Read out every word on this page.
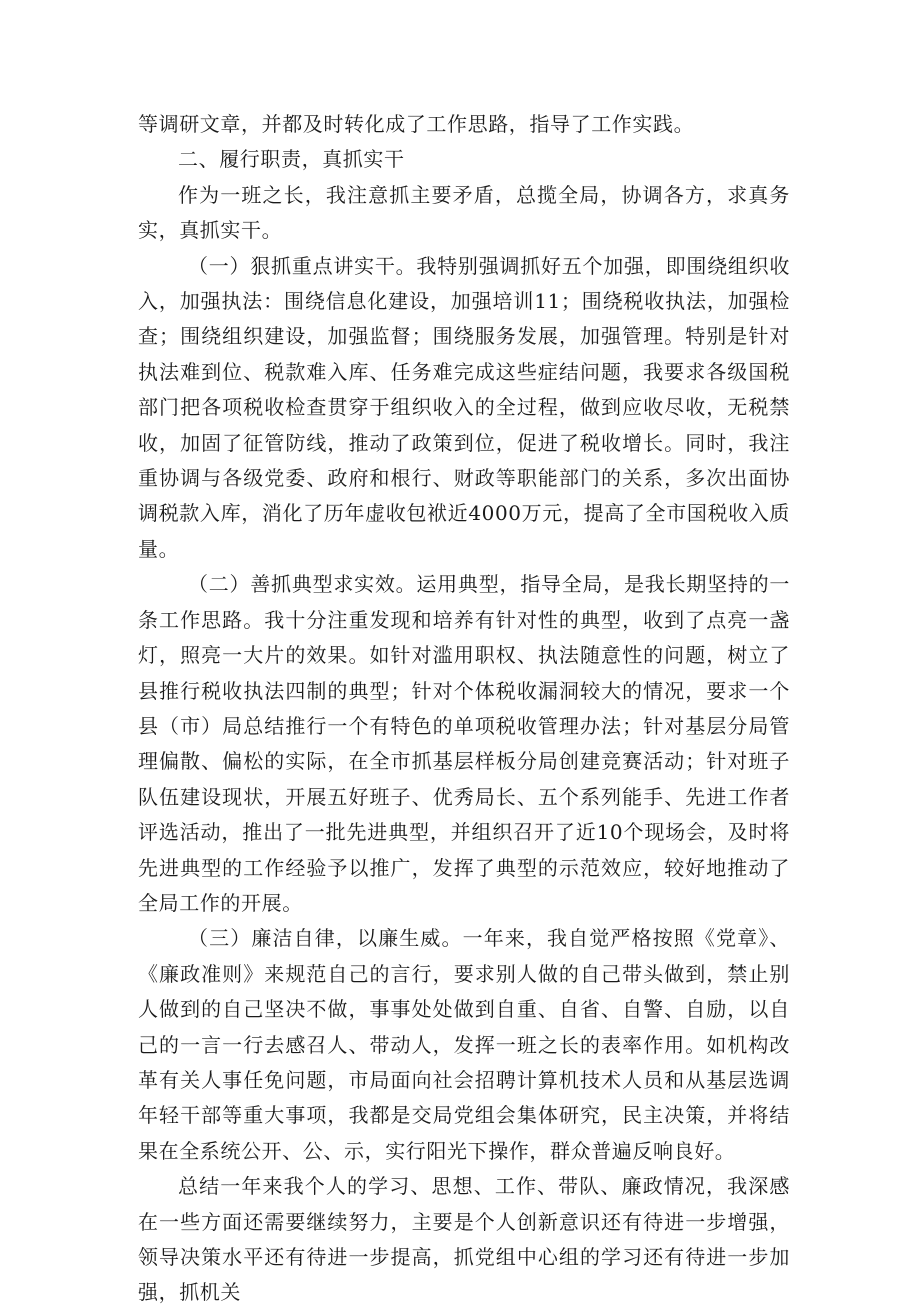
等调研文章，并都及时转化成了工作思路，指导了工作实践。

二、履行职责，真抓实干

作为一班之长，我注意抓主要矛盾，总揽全局，协调各方，求真务实，真抓实干。

（一）狠抓重点讲实干。我特别强调抓好五个加强，即围绕组织收入，加强执法：围绕信息化建设，加强培训11；围绕税收执法，加强检查；围绕组织建设，加强监督；围绕服务发展，加强管理。特别是针对执法难到位、税款难入库、任务难完成这些症结问题，我要求各级国税部门把各项税收检查贯穿于组织收入的全过程，做到应收尽收，无税禁收，加固了征管防线，推动了政策到位，促进了税收增长。同时，我注重协调与各级党委、政府和根行、财政等职能部门的关系，多次出面协调税款入库，消化了历年虚收包袱近4000万元，提高了全市国税收入质量。

（二）善抓典型求实效。运用典型，指导全局，是我长期坚持的一条工作思路。我十分注重发现和培养有针对性的典型，收到了点亮一盏灯，照亮一大片的效果。如针对滥用职权、执法随意性的问题，树立了县推行税收执法四制的典型；针对个体税收漏洞较大的情况，要求一个县（市）局总结推行一个有特色的单项税收管理办法；针对基层分局管理偏散、偏松的实际，在全市抓基层样板分局创建竞赛活动；针对班子队伍建设现状，开展五好班子、优秀局长、五个系列能手、先进工作者评选活动，推出了一批先进典型，并组织召开了近10个现场会，及时将先进典型的工作经验予以推广，发挥了典型的示范效应，较好地推动了全局工作的开展。

（三）廉洁自律，以廉生威。一年来，我自觉严格按照《党章》、《廉政准则》来规范自己的言行，要求别人做的自己带头做到，禁止别人做到的自己坚决不做，事事处处做到自重、自省、自警、自励，以自己的一言一行去感召人、带动人，发挥一班之长的表率作用。如机构改革有关人事任免问题，市局面向社会招聘计算机技术人员和从基层选调年轻干部等重大事项，我都是交局党组会集体研究，民主决策，并将结果在全系统公开、公、示，实行阳光下操作，群众普遍反响良好。

总结一年来我个人的学习、思想、工作、带队、廉政情况，我深感在一些方面还需要继续努力，主要是个人创新意识还有待进一步增强，领导决策水平还有待进一步提高，抓党组中心组的学习还有待进一步加强，抓机关
